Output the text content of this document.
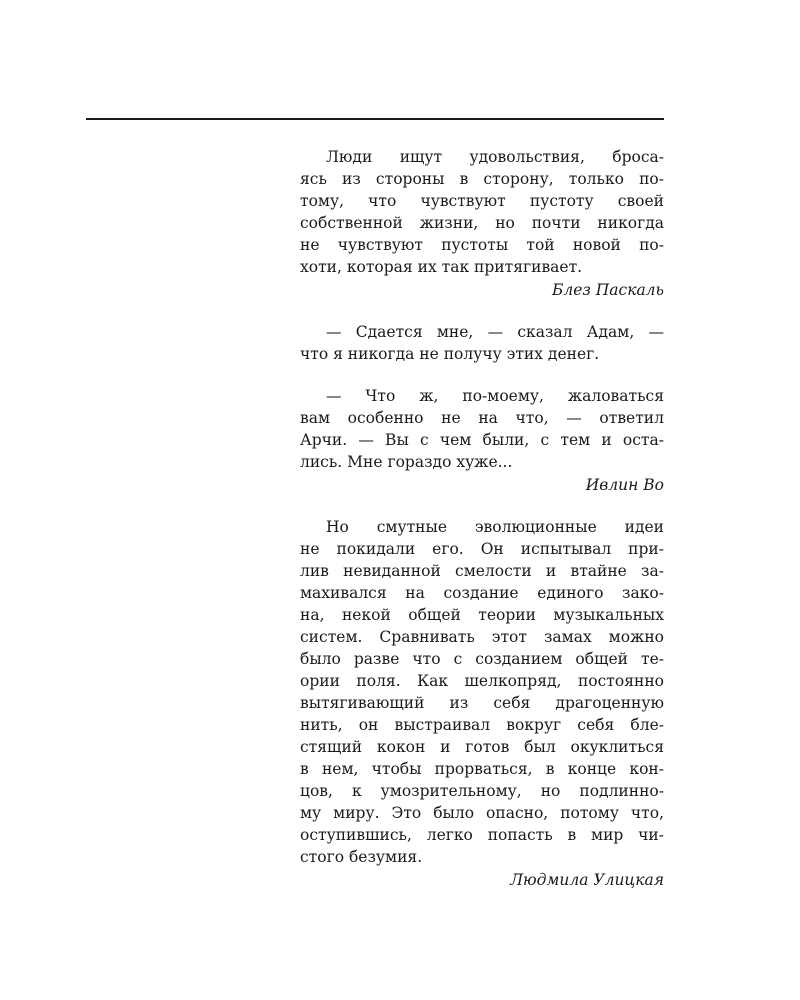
Люди ищут удовольствия, броса-
ясь из стороны в сторону, только по-
тому, что чувствуют пустоту своей
собственной жизни, но почти никогда
не чувствуют пустоты той новой по-
хоти, которая их так притягивает.
Блез Паскаль
— Сдается мне, — сказал Адам, —
что я никогда не получу этих денег.
— Что ж, по-моему, жаловаться
вам особенно не на что, — ответил
Арчи. — Вы с чем были, с тем и оста-
лись. Мне гораздо хуже...
Ивлин Во
Но смутные эволюционные идеи
не покидали его. Он испытывал при-
лив невиданной смелости и втайне за-
махивался на создание единого зако-
на, некой общей теории музыкальных
систем. Сравнивать этот замах можно
было разве что с созданием общей те-
ории поля. Как шелкопряд, постоянно
вытягивающий из себя драгоценную
нить, он выстраивал вокруг себя бле-
стящий кокон и готов был окуклиться
в нем, чтобы прорваться, в конце кон-
цов, к умозрительному, но подлинно-
му миру. Это было опасно, потому что,
оступившись, легко попасть в мир чи-
стого безумия.
Людмила Улицкая
